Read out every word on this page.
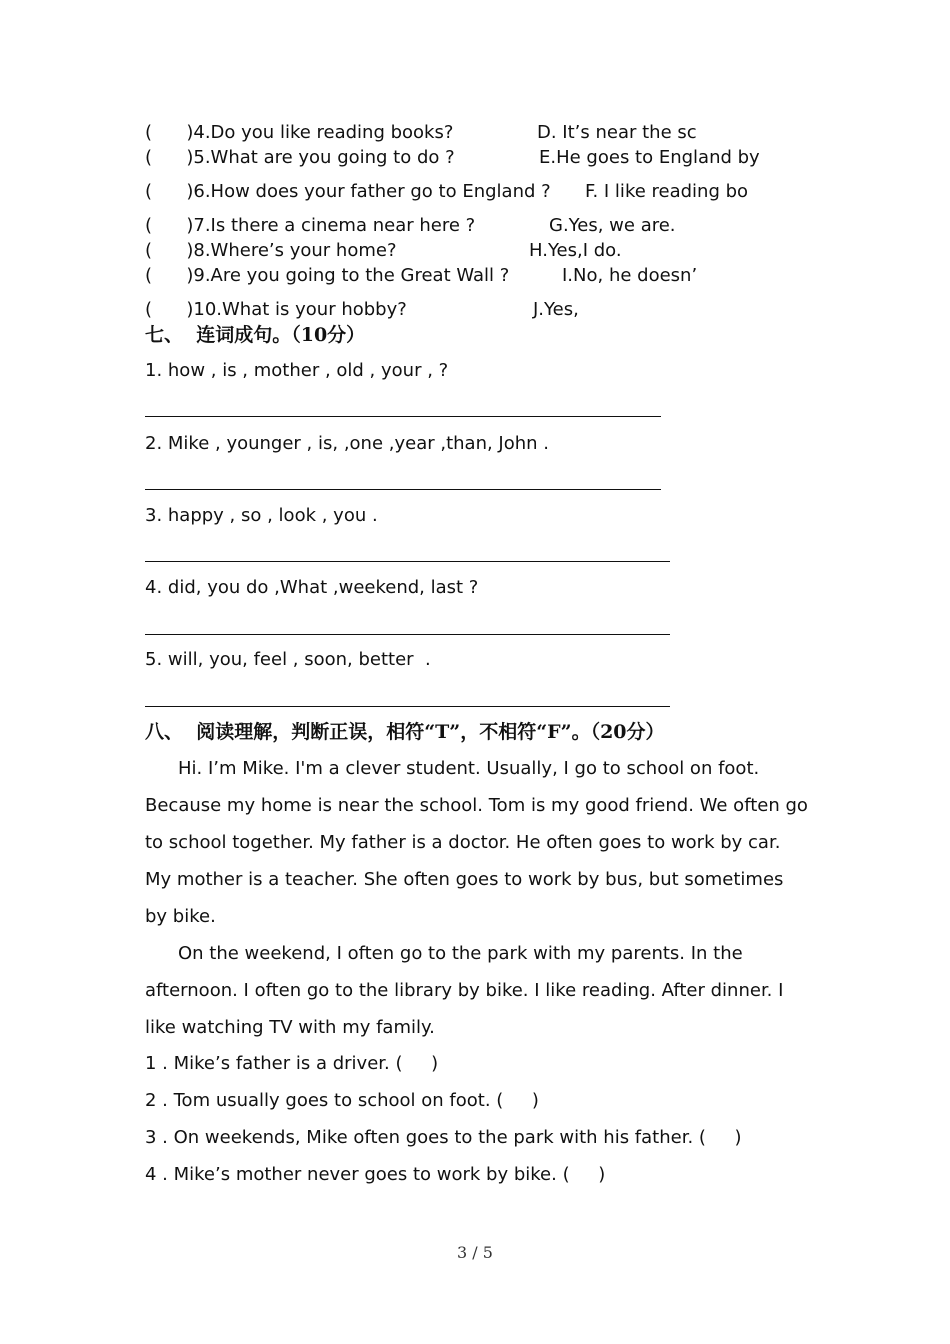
(      )4.Do you like reading books?	D. It’s near the sc
(      )5.What are you going to do ?	E.He goes to England by
(      )6.How does your father go to England ? F. I like reading bo
(      )7.Is there a cinema near here ?	G.Yes, we are.
(      )8.Where’s your home?	H.Yes,I do.
(      )9.Are you going to the Great Wall ?	I.No, he doesn’
(      )10.What is your hobby?	J.Yes,
七、  连词成句。（10分）
1. how , is , mother , old , your , ?
2. Mike , younger , is, ,one ,year ,than, John .
3. happy , so , look , you .
4. did, you do ,What ,weekend, last ?
5. will, you, feel , soon, better  .
八、  阅读理解，判断正误，相符“T”，不相符“F”。（20分）

Hi. I’m Mike. I'm a clever student. Usually, I go to school on foot. Because my home is near the school. Tom is my good friend. We often go to school together. My father is a doctor. He often goes to work by car. My mother is a teacher. She often goes to work by bus, but sometimes by bike.

On the weekend, I often go to the park with my parents. In the afternoon. I often go to the library by bike. I like reading. After dinner. I like watching TV with my family.

1 . Mike’s father is a driver. (     )
2 . Tom usually goes to school on foot. (     )
3 . On weekends, Mike often goes to the park with his father. (     )
4 . Mike’s mother never goes to work by bike. (     )
3 / 5
